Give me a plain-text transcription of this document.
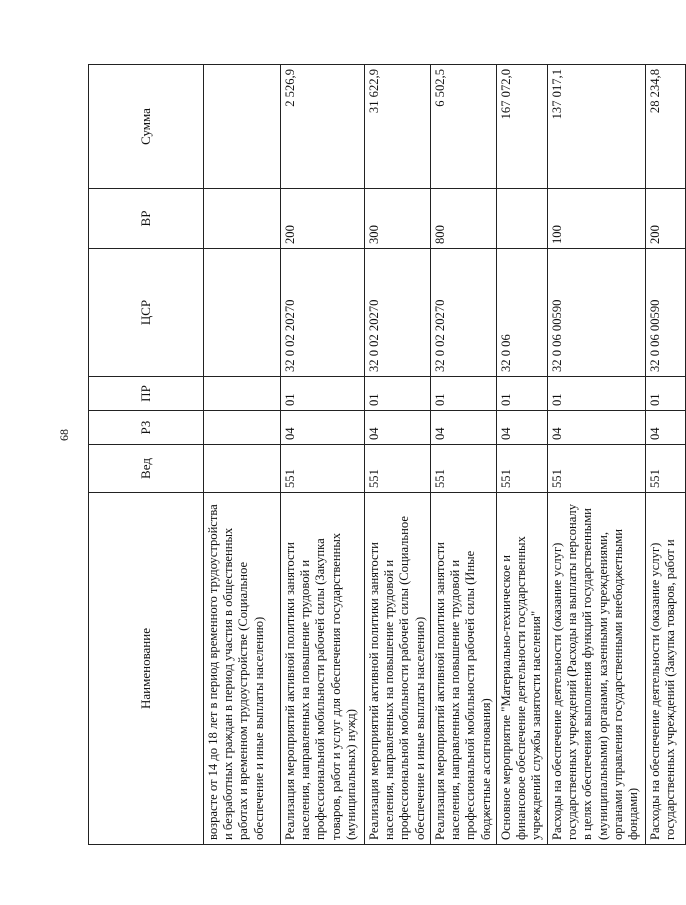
68
Наименование	Вед	РЗ	ПР	ЦСР	ВР	Сумма
возрасте от 14 до 18 лет в период временного трудоустройства и безработных граждан в период участия в общественных работах и временном трудоустройстве (Социальное обеспечение и иные выплаты населению)						
Реализация мероприятий активной политики занятости населения, направленных на повышение трудовой и профессиональной мобильности рабочей силы (Закупка товаров, работ и услуг для обеспечения государственных (муниципальных) нужд)	551	04	01	32 0 02 20270	200	2 526,9
Реализация мероприятий активной политики занятости населения, направленных на повышение трудовой и профессиональной мобильности рабочей силы (Социальное обеспечение и иные выплаты населению)	551	04	01	32 0 02 20270	300	31 622,9
Реализация мероприятий активной политики занятости населения, направленных на повышение трудовой и профессиональной мобильности рабочей силы (Иные бюджетные ассигнования)	551	04	01	32 0 02 20270	800	6 502,5
Основное мероприятие "Материально-техническое и финансовое обеспечение деятельности государственных учреждений службы занятости населения"	551	04	01	32 0 06		167 072,0
Расходы на обеспечение деятельности (оказание услуг) государственных учреждений (Расходы на выплаты персоналу в целях обеспечения выполнения функций государственными (муниципальными) органами, казенными учреждениями, органами управления государственными внебюджетными фондами)	551	04	01	32 0 06 00590	100	137 017,1
Расходы на обеспечение деятельности (оказание услуг) государственных учреждений (Закупка товаров, работ и	551	04	01	32 0 06 00590	200	28 234,8
